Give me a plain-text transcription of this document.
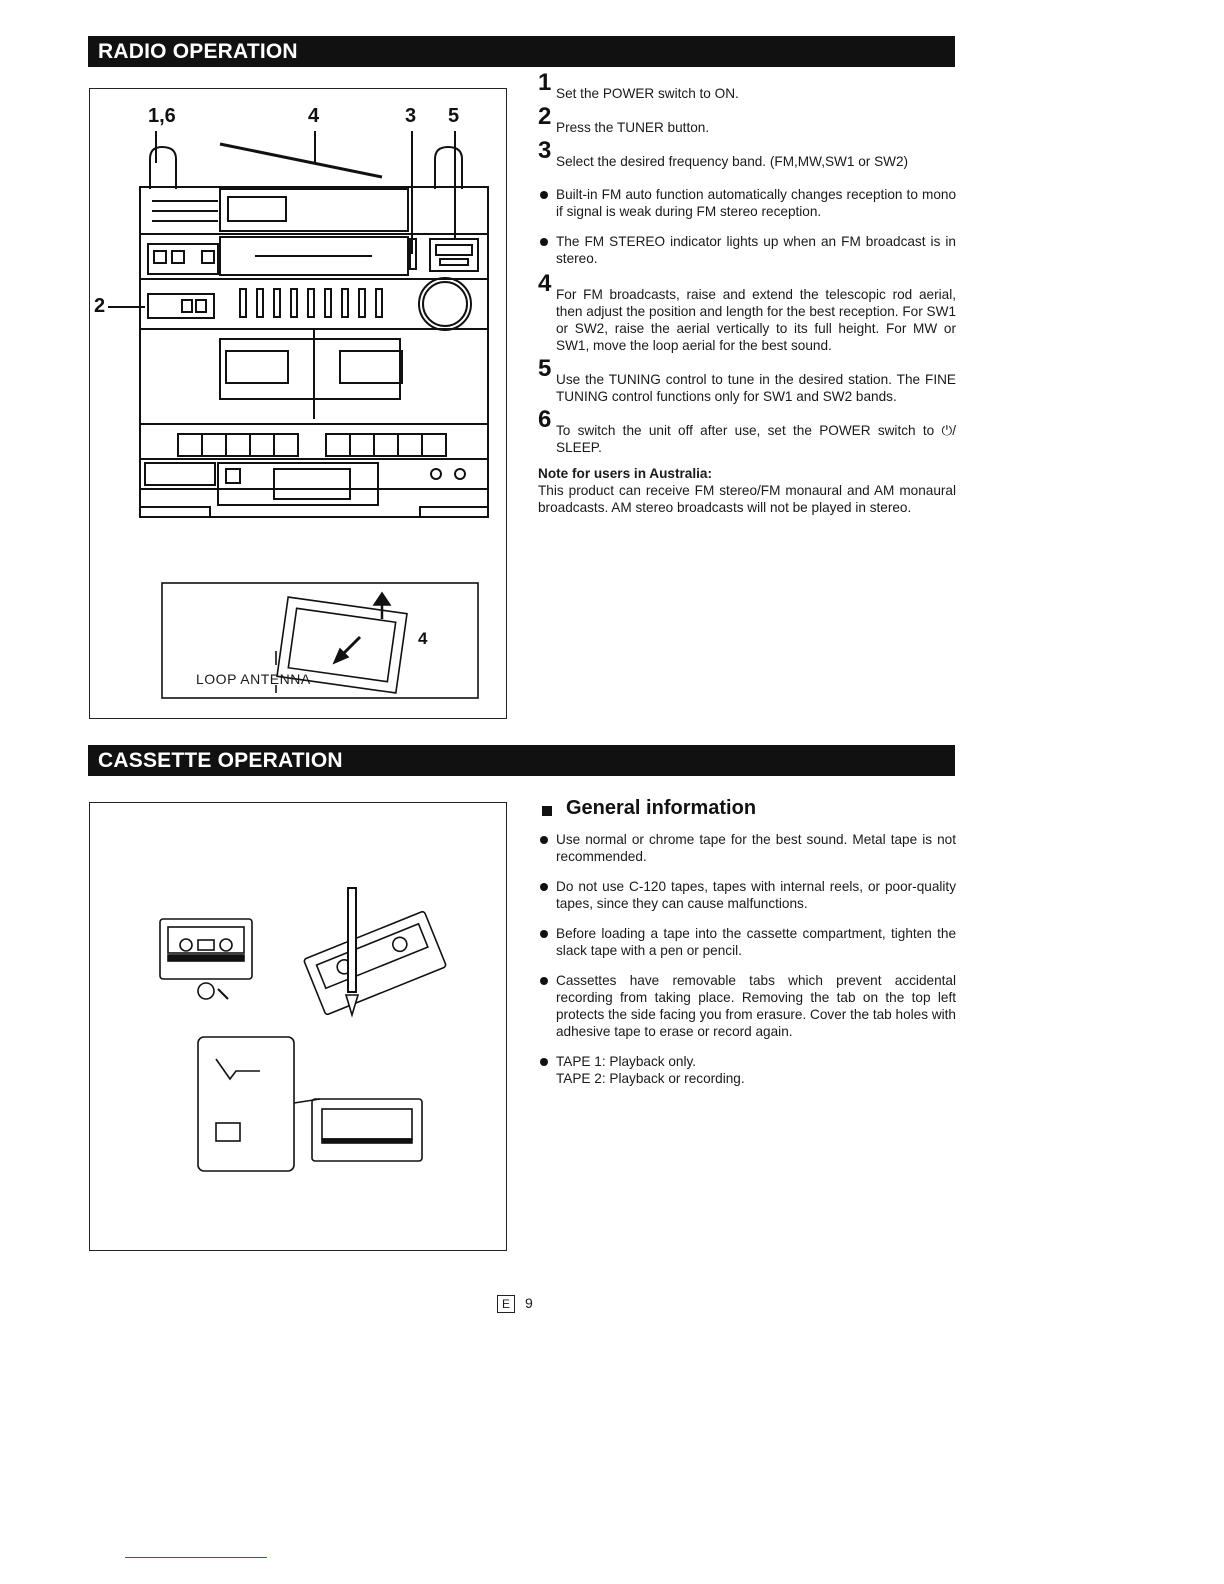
RADIO OPERATION
1,6	4	3 5
2
LOOP ANTENNA
4
1 Set the POWER switch to ON.
2 Press the TUNER button.
3 Select the desired frequency band. (FM,MW,SW1 or SW2)
Built-in FM auto function automatically changes reception to mono if signal is weak during FM stereo reception.
The FM STEREO indicator lights up when an FM broadcast is in stereo.
4 For FM broadcasts, raise and extend the telescopic rod aerial, then adjust the position and length for the best reception. For SW1 or SW2, raise the aerial vertically to its full height. For MW or SW1, move the loop aerial for the best sound.
5 Use the TUNING control to tune in the desired station. The FINE TUNING control functions only for SW1 and SW2 bands.
6 To switch the unit off after use, set the POWER switch to ⏻/ SLEEP.
Note for users in Australia:
This product can receive FM stereo/FM monaural and AM monaural broadcasts. AM stereo broadcasts will not be played in stereo.
CASSETTE OPERATION
General information
Use normal or chrome tape for the best sound. Metal tape is not recommended.
Do not use C-120 tapes, tapes with internal reels, or poor-quality tapes, since they can cause malfunctions.
Before loading a tape into the cassette compartment, tighten the slack tape with a pen or pencil.
Cassettes have removable tabs which prevent accidental recording from taking place. Removing the tab on the top left protects the side facing you from erasure. Cover the tab holes with adhesive tape to erase or record again.
TAPE 1: Playback only.
TAPE 2: Playback or recording.
E 9
